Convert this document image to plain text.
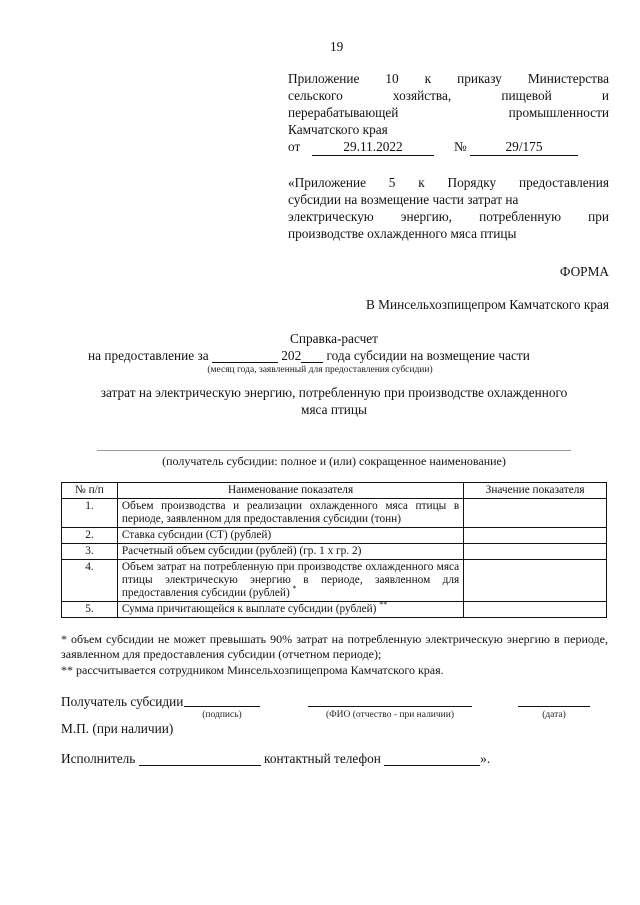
19
Приложение 10 к приказу Министерства
сельского хозяйства, пищевой и
перерабатывающей промышленности
Камчатского края
от	29.11.2022	№	29/175
«Приложение 5 к Порядку предоставления
субсидии на возмещение части затрат на
электрическую энергию, потребленную при
производстве охлажденного мяса птицы
ФОРМА
В Минсельхозпищепром Камчатского края
Справка-расчет
на предоставление за	202 года субсидии на возмещение части
(месяц года, заявленный для предоставления субсидии)
затрат на электрическую энергию, потребленную при производстве охлажденного
мяса птицы
(получатель субсидии: полное и (или) сокращенное наименование)
№ п/п	Наименование показателя	Значение показателя
1.	Объем производства и реализации охлажденного мяса птицы в периоде, заявленном для предоставления субсидии (тонн)	
2.	Ставка субсидии (СТ) (рублей)	
3.	Расчетный объем субсидии (рублей) (гр. 1 х гр. 2)	
4.	Объем затрат на потребленную при производстве охлажденного мяса птицы электрическую энергию в периоде, заявленном для предоставления субсидии (рублей) *	
5.	Сумма причитающейся к выплате субсидии (рублей) **	
* объем субсидии не может превышать 90% затрат на потребленную электрическую энергию в периоде, заявленном для предоставления субсидии (отчетном периоде);
** рассчитывается сотрудником Минсельхозпищепрома Камчатского края.
Получатель субсидии
(подпись)	(ФИО (отчество - при наличии)	(дата)
М.П. (при наличии)
Исполнитель	контактный телефон	».
